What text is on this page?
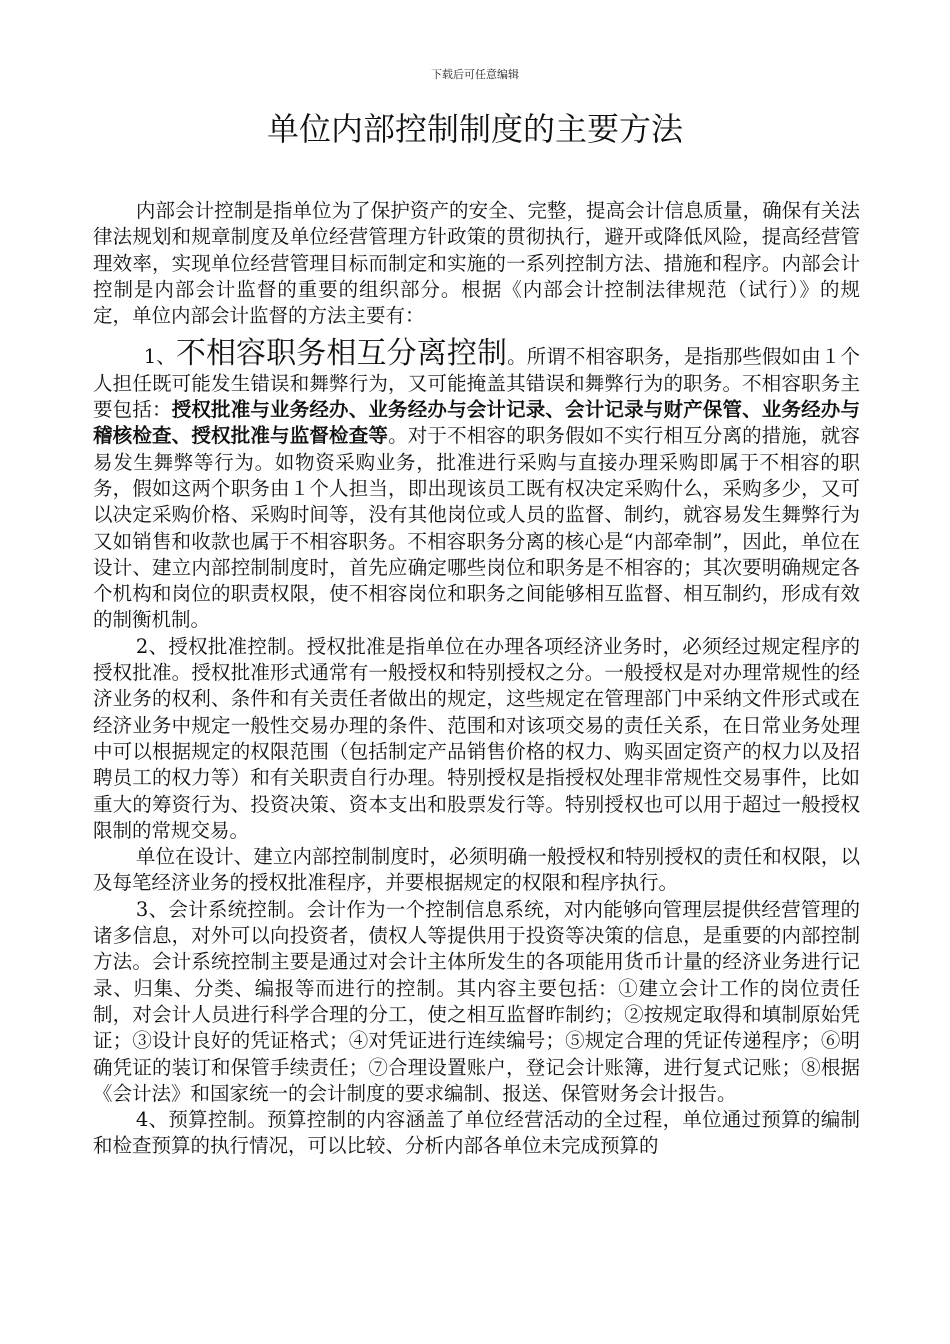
下载后可任意编辑
单位内部控制制度的主要方法

内部会计控制是指单位为了保护资产的安全、完整，提高会计信息质量，确保有关法律法规划和规章制度及单位经营管理方针政策的贯彻执行，避开或降低风险，提高经营管理效率，实现单位经营管理目标而制定和实施的一系列控制方法、措施和程序。内部会计控制是内部会计监督的重要的组织部分。根据《内部会计控制法律规范（试行）》的规定，单位内部会计监督的方法主要有：

1、不相容职务相互分离控制。所谓不相容职务，是指那些假如由１个人担任既可能发生错误和舞弊行为，又可能掩盖其错误和舞弊行为的职务。不相容职务主要包括：授权批准与业务经办、业务经办与会计记录、会计记录与财产保管、业务经办与稽核检查、授权批准与监督检查等。对于不相容的职务假如不实行相互分离的措施，就容易发生舞弊等行为。如物资采购业务，批准进行采购与直接办理采购即属于不相容的职务，假如这两个职务由１个人担当，即出现该员工既有权决定采购什么，采购多少，又可以决定采购价格、采购时间等，没有其他岗位或人员的监督、制约，就容易发生舞弊行为又如销售和收款也属于不相容职务。不相容职务分离的核心是“内部牵制”，因此，单位在设计、建立内部控制制度时，首先应确定哪些岗位和职务是不相容的；其次要明确规定各个机构和岗位的职责权限，使不相容岗位和职务之间能够相互监督、相互制约，形成有效的制衡机制。

2、授权批准控制。授权批准是指单位在办理各项经济业务时，必须经过规定程序的授权批准。授权批准形式通常有一般授权和特别授权之分。一般授权是对办理常规性的经济业务的权利、条件和有关责任者做出的规定，这些规定在管理部门中采纳文件形式或在经济业务中规定一般性交易办理的条件、范围和对该项交易的责任关系，在日常业务处理中可以根据规定的权限范围（包括制定产品销售价格的权力、购买固定资产的权力以及招聘员工的权力等）和有关职责自行办理。特别授权是指授权处理非常规性交易事件，比如重大的筹资行为、投资决策、资本支出和股票发行等。特别授权也可以用于超过一般授权限制的常规交易。

单位在设计、建立内部控制制度时，必须明确一般授权和特别授权的责任和权限，以及每笔经济业务的授权批准程序，并要根据规定的权限和程序执行。

3、会计系统控制。会计作为一个控制信息系统，对内能够向管理层提供经营管理的诸多信息，对外可以向投资者，债权人等提供用于投资等决策的信息，是重要的内部控制方法。会计系统控制主要是通过对会计主体所发生的各项能用货币计量的经济业务进行记录、归集、分类、编报等而进行的控制。其内容主要包括：①建立会计工作的岗位责任制，对会计人员进行科学合理的分工，使之相互监督昨制约；②按规定取得和填制原始凭证；③设计良好的凭证格式；④对凭证进行连续编号；⑤规定合理的凭证传递程序；⑥明确凭证的装订和保管手续责任；⑦合理设置账户，登记会计账簿，进行复式记账；⑧根据《会计法》和国家统一的会计制度的要求编制、报送、保管财务会计报告。

4、预算控制。预算控制的内容涵盖了单位经营活动的全过程，单位通过预算的编制和检查预算的执行情况，可以比较、分析内部各单位未完成预算的
